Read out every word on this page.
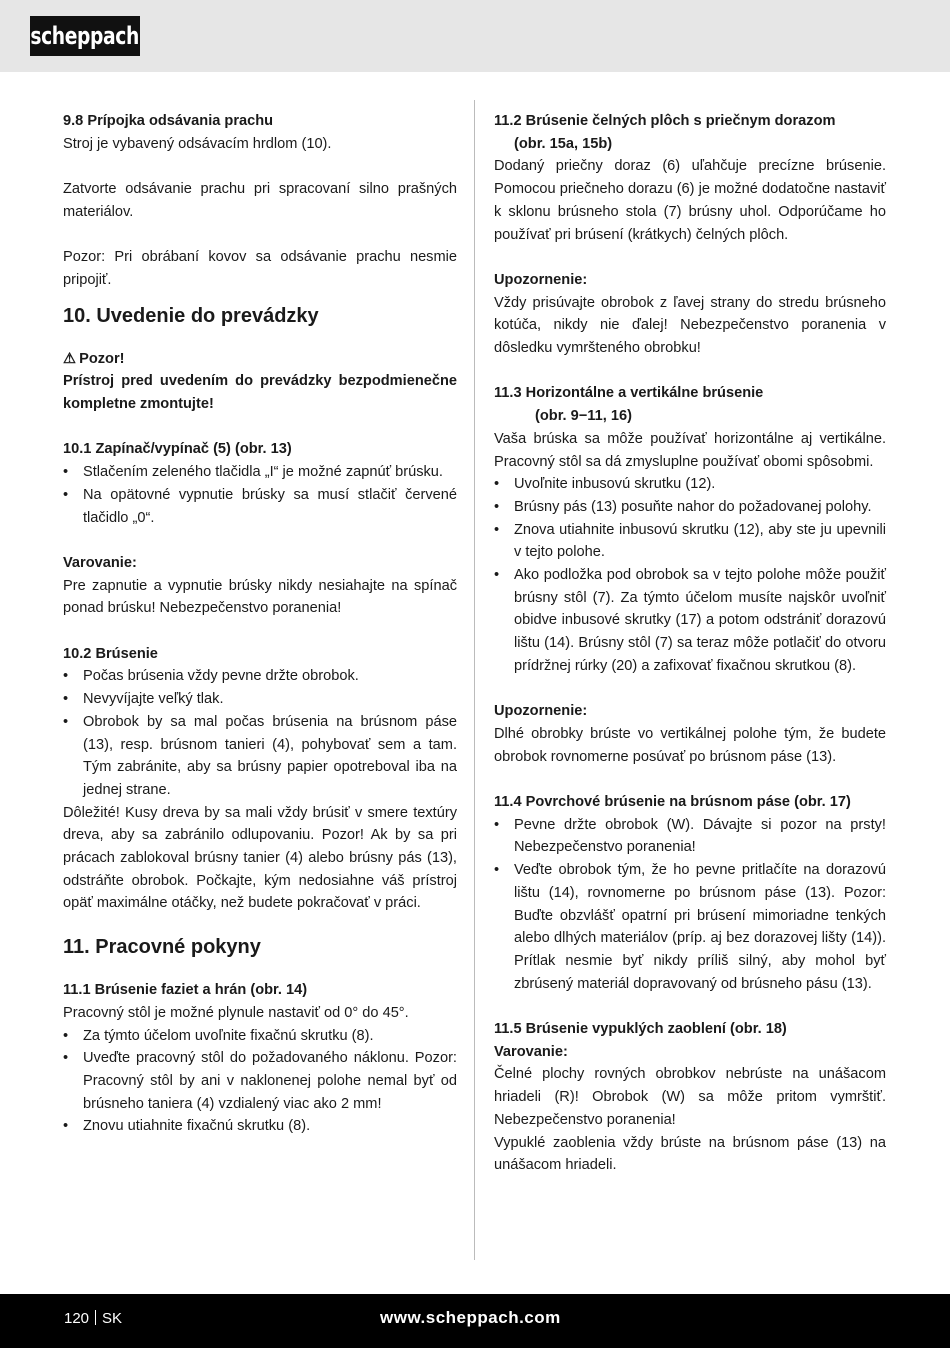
scheppach

9.8 Prípojka odsávania prachu

Stroj je vybavený odsávacím hrdlom (10).

Zatvorte odsávanie prachu pri spracovaní silno prašných materiálov.

Pozor: Pri obrábaní kovov sa odsávanie prachu nesmie pripojiť.

10. Uvedenie do prevádzky

⚠ Pozor!

Prístroj pred uvedením do prevádzky bezpodmienečne kompletne zmontujte!

10.1 Zapínač/vypínač (5) (obr. 13)

• Stlačením zeleného tlačidla „I“ je možné zapnúť brúsku.

• Na opätovné vypnutie brúsky sa musí stlačiť červené tlačidlo „0“.

Varovanie:

Pre zapnutie a vypnutie brúsky nikdy nesiahajte na spínač ponad brúsku! Nebezpečenstvo poranenia!

10.2 Brúsenie

• Počas brúsenia vždy pevne držte obrobok.

• Nevyvíjajte veľký tlak.

• Obrobok by sa mal počas brúsenia na brúsnom páse (13), resp. brúsnom tanieri (4), pohybovať sem a tam. Tým zabránite, aby sa brúsny papier opotreboval iba na jednej strane.

Dôležité! Kusy dreva by sa mali vždy brúsiť v smere textúry dreva, aby sa zabránilo odlupovaniu. Pozor! Ak by sa pri prácach zablokoval brúsny tanier (4) alebo brúsny pás (13), odstráňte obrobok. Počkajte, kým nedosiahne váš prístroj opäť maximálne otáčky, než budete pokračovať v práci.

11. Pracovné pokyny

11.1 Brúsenie faziet a hrán (obr. 14)

Pracovný stôl je možné plynule nastaviť od 0° do 45°.

• Za týmto účelom uvoľnite fixačnú skrutku (8).

• Uveďte pracovný stôl do požadovaného náklonu. Pozor: Pracovný stôl by ani v naklonenej polohe nemal byť od brúsneho taniera (4) vzdialený viac ako 2 mm!

• Znovu utiahnite fixačnú skrutku (8).

11.2 Brúsenie čelných plôch s priečnym dorazom

(obr. 15a, 15b)

Dodaný priečny doraz (6) uľahčuje precízne brúsenie. Pomocou priečneho dorazu (6) je možné dodatočne nastaviť k sklonu brúsneho stola (7) brúsny uhol. Odporúčame ho používať pri brúsení (krátkych) čelných plôch.

Upozornenie:

Vždy prisúvajte obrobok z ľavej strany do stredu brúsneho kotúča, nikdy nie ďalej! Nebezpečenstvo poranenia v dôsledku vymršteného obrobku!

11.3 Horizontálne a vertikálne brúsenie

(obr. 9−11, 16)

Vaša brúska sa môže používať horizontálne aj vertikálne. Pracovný stôl sa dá zmysluplne používať obomi spôsobmi.

• Uvoľnite inbusovú skrutku (12).

• Brúsny pás (13) posuňte nahor do požadovanej polohy.

• Znova utiahnite inbusovú skrutku (12), aby ste ju upevnili v tejto polohe.

• Ako podložka pod obrobok sa v tejto polohe môže použiť brúsny stôl (7). Za týmto účelom musíte najskôr uvoľniť obidve inbusové skrutky (17) a potom odstrániť dorazovú lištu (14). Brúsny stôl (7) sa teraz môže potlačiť do otvoru prídržnej rúrky (20) a zafixovať fixačnou skrutkou (8).

Upozornenie:

Dlhé obrobky brúste vo vertikálnej polohe tým, že budete obrobok rovnomerne posúvať po brúsnom páse (13).

11.4 Povrchové brúsenie na brúsnom páse (obr. 17)

• Pevne držte obrobok (W). Dávajte si pozor na prsty! Nebezpečenstvo poranenia!

• Veďte obrobok tým, že ho pevne pritlačíte na dorazovú lištu (14), rovnomerne po brúsnom páse (13). Pozor: Buďte obzvlášť opatrní pri brúsení mimoriadne tenkých alebo dlhých materiálov (príp. aj bez dorazovej lišty (14)). Prítlak nesmie byť nikdy príliš silný, aby mohol byť zbrúsený materiál dopravovaný od brúsneho pásu (13).

11.5 Brúsenie vypuklých zaoblení (obr. 18)

Varovanie:

Čelné plochy rovných obrobkov nebrúste na unášacom hriadeli (R)! Obrobok (W) sa môže pritom vymrštiť. Nebezpečenstvo poranenia!

Vypuklé zaoblenia vždy brúste na brúsnom páse (13) na unášacom hriadeli.

120 SK	www.scheppach.com
